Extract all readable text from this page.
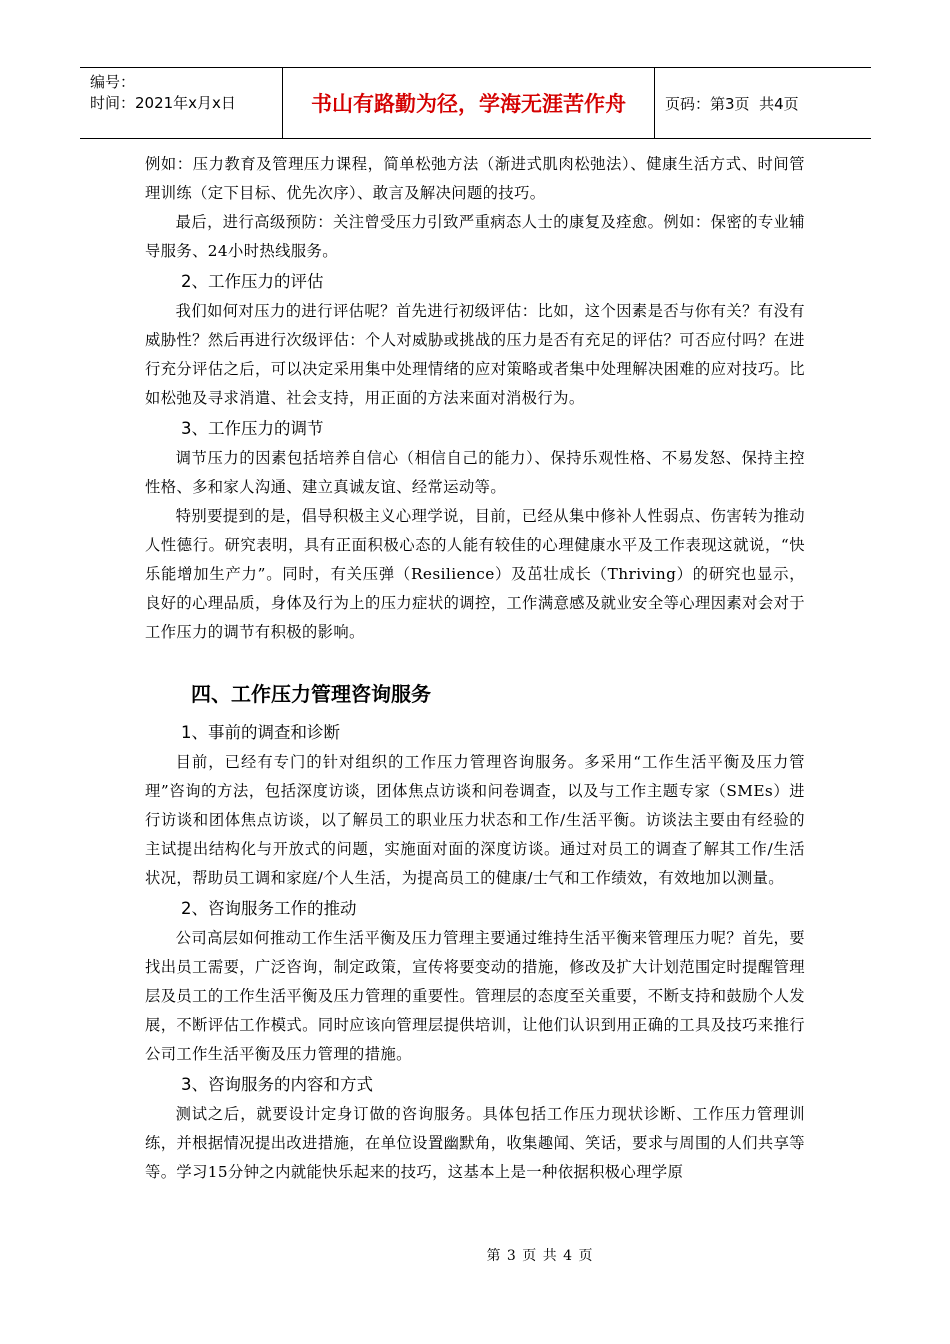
编号：
时间：2021年x月x日	书山有路勤为径，学海无涯苦作舟	页码：第3页  共4页

例如：压力教育及管理压力课程，简单松弛方法（渐进式肌肉松弛法）、健康生活方式、时间管理训练（定下目标、优先次序）、敢言及解决问题的技巧。

最后，进行高级预防：关注曾受压力引致严重病态人士的康复及痊愈。例如：保密的专业辅导服务、24小时热线服务。

2、工作压力的评估

我们如何对压力的进行评估呢？首先进行初级评估：比如，这个因素是否与你有关？有没有威胁性？然后再进行次级评估：个人对威胁或挑战的压力是否有充足的评估？可否应付吗？在进行充分评估之后，可以决定采用集中处理情绪的应对策略或者集中处理解决困难的应对技巧。比如松弛及寻求消遣、社会支持，用正面的方法来面对消极行为。

3、工作压力的调节

调节压力的因素包括培养自信心（相信自己的能力）、保持乐观性格、不易发怒、保持主控性格、多和家人沟通、建立真诚友谊、经常运动等。

特别要提到的是，倡导积极主义心理学说，目前，已经从集中修补人性弱点、伤害转为推动人性德行。研究表明，具有正面积极心态的人能有较佳的心理健康水平及工作表现这就说，“快乐能增加生产力”。同时，有关压弹（Resilience）及茁壮成长（Thriving）的研究也显示，良好的心理品质，身体及行为上的压力症状的调控，工作满意感及就业安全等心理因素对会对于工作压力的调节有积极的影响。

四、工作压力管理咨询服务
1、事前的调查和诊断

目前，已经有专门的针对组织的工作压力管理咨询服务。多采用“工作生活平衡及压力管理”咨询的方法，包括深度访谈，团体焦点访谈和问卷调查，以及与工作主题专家（SMEs）进行访谈和团体焦点访谈，以了解员工的职业压力状态和工作/生活平衡。访谈法主要由有经验的主试提出结构化与开放式的问题，实施面对面的深度访谈。通过对员工的调查了解其工作/生活状况，帮助员工调和家庭/个人生活，为提高员工的健康/士气和工作绩效，有效地加以测量。

2、咨询服务工作的推动

公司高层如何推动工作生活平衡及压力管理主要通过维持生活平衡来管理压力呢？首先，要找出员工需要，广泛咨询，制定政策，宣传将要变动的措施，修改及扩大计划范围定时提醒管理层及员工的工作生活平衡及压力管理的重要性。管理层的态度至关重要，不断支持和鼓励个人发展，不断评估工作模式。同时应该向管理层提供培训，让他们认识到用正确的工具及技巧来推行公司工作生活平衡及压力管理的措施。

3、咨询服务的内容和方式

测试之后，就要设计定身订做的咨询服务。具体包括工作压力现状诊断、工作压力管理训练，并根据情况提出改进措施，在单位设置幽默角，收集趣闻、笑话，要求与周围的人们共享等等。学习15分钟之内就能快乐起来的技巧，这基本上是一种依据积极心理学原

第 3 页 共 4 页
